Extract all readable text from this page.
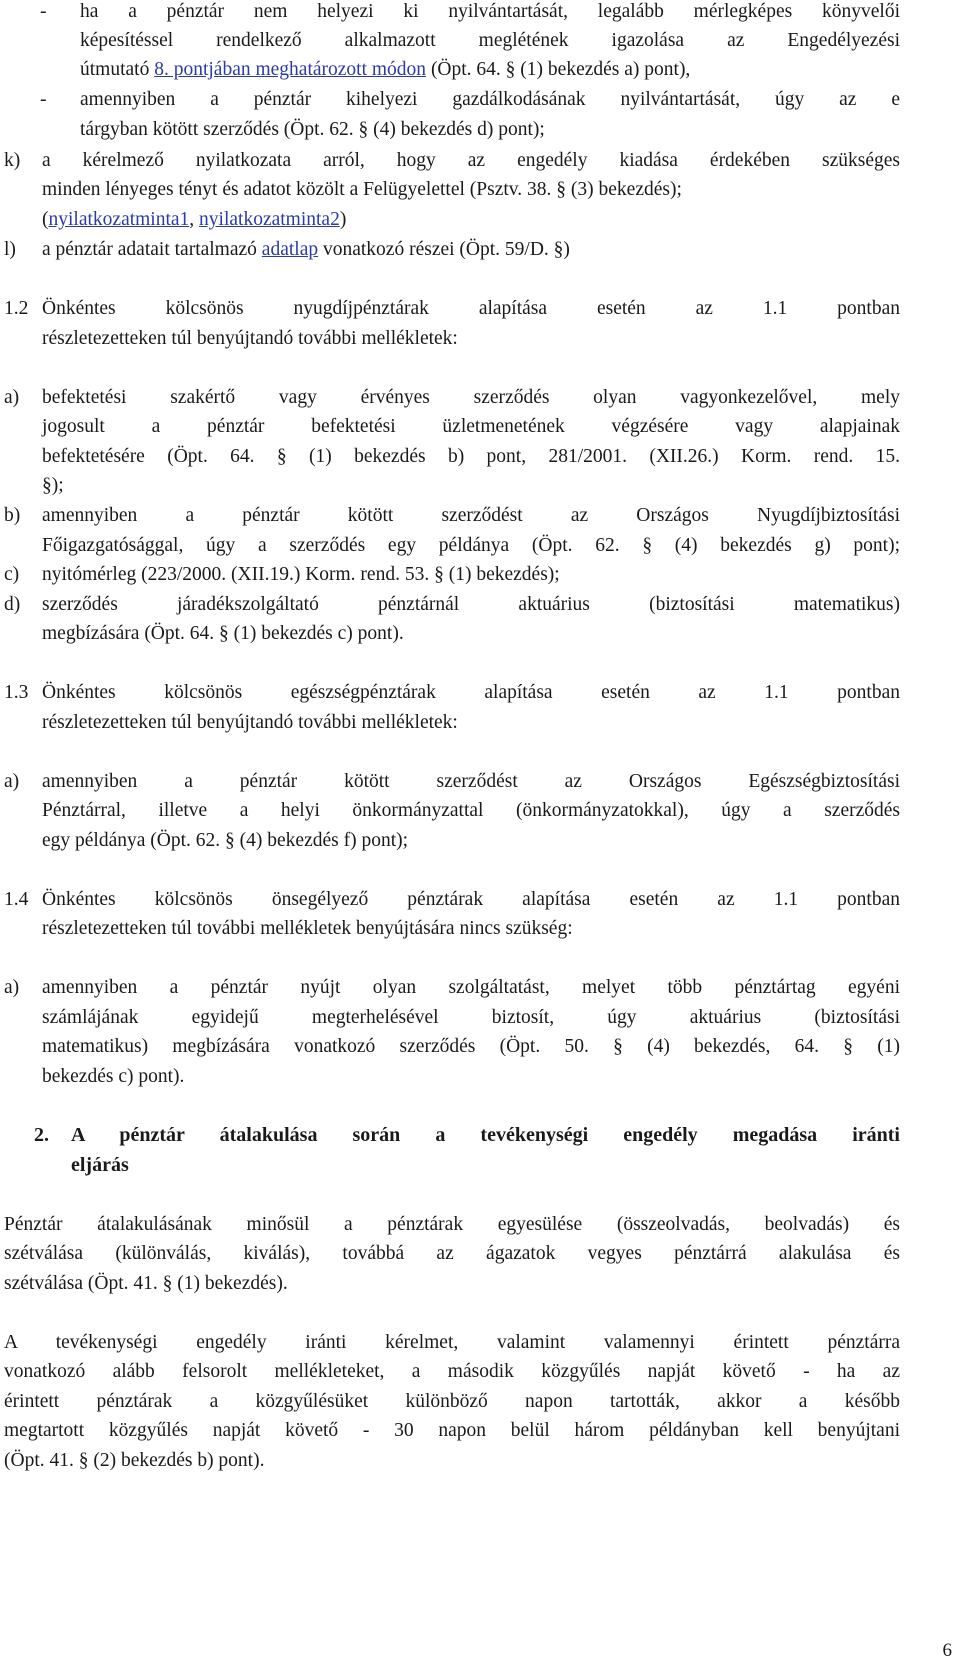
- ha a pénztár nem helyezi ki nyilvántartását, legalább mérlegképes könyvelői
képesítéssel rendelkező alkalmazott meglétének igazolása az Engedélyezési
útmutató 8. pontjában meghatározott módon (Öpt. 64. § (1) bekezdés a) pont),
- amennyiben a pénztár kihelyezi gazdálkodásának nyilvántartását, úgy az e
tárgyban kötött szerződés (Öpt. 62. § (4) bekezdés d) pont);
k) a kérelmező nyilatkozata arról, hogy az engedély kiadása érdekében szükséges
minden lényeges tényt és adatot közölt a Felügyelettel (Psztv. 38. § (3) bekezdés);
(nyilatkozatminta1, nyilatkozatminta2)
l) a pénztár adatait tartalmazó adatlap vonatkozó részei (Öpt. 59/D. §)
1.2 Önkéntes kölcsönös nyugdíjpénztárak alapítása esetén az 1.1 pontban
részletezetteken túl benyújtandó további mellékletek:
a) befektetési szakértő vagy érvényes szerződés olyan vagyonkezelővel, mely
jogosult a pénztár befektetési üzletmenetének végzésére vagy alapjainak
befektetésére (Öpt. 64. § (1) bekezdés b) pont, 281/2001. (XII.26.) Korm. rend. 15.
§);
b) amennyiben a pénztár kötött szerződést az Országos Nyugdíjbiztosítási
Főigazgatósággal, úgy a szerződés egy példánya (Öpt. 62. § (4) bekezdés g) pont);
c) nyitómérleg (223/2000. (XII.19.) Korm. rend. 53. § (1) bekezdés);
d) szerződés járadékszolgáltató pénztárnál aktuárius (biztosítási matematikus)
megbízására (Öpt. 64. § (1) bekezdés c) pont).
1.3 Önkéntes kölcsönös egészségpénztárak alapítása esetén az 1.1 pontban
részletezetteken túl benyújtandó további mellékletek:
a) amennyiben a pénztár kötött szerződést az Országos Egészségbiztosítási
Pénztárral, illetve a helyi önkormányzattal (önkormányzatokkal), úgy a szerződés
egy példánya (Öpt. 62. § (4) bekezdés f) pont);
1.4 Önkéntes kölcsönös önsegélyező pénztárak alapítása esetén az 1.1 pontban
részletezetteken túl további mellékletek benyújtására nincs szükség:
a) amennyiben a pénztár nyújt olyan szolgáltatást, melyet több pénztártag egyéni
számlájának egyidejű megterhelésével biztosít, úgy aktuárius (biztosítási
matematikus) megbízására vonatkozó szerződés (Öpt. 50. § (4) bekezdés, 64. § (1)
bekezdés c) pont).
2. A pénztár átalakulása során a tevékenységi engedély megadása iránti
eljárás
Pénztár átalakulásának minősül a pénztárak egyesülése (összeolvadás, beolvadás) és
szétválása (különválás, kiválás), továbbá az ágazatok vegyes pénztárrá alakulása és
szétválása (Öpt. 41. § (1) bekezdés).
A tevékenységi engedély iránti kérelmet, valamint valamennyi érintett pénztárra
vonatkozó alább felsorolt mellékleteket, a második közgyűlés napját követő - ha az
érintett pénztárak a közgyűlésüket különböző napon tartották, akkor a később
megtartott közgyűlés napját követő - 30 napon belül három példányban kell benyújtani
(Öpt. 41. § (2) bekezdés b) pont).
6
